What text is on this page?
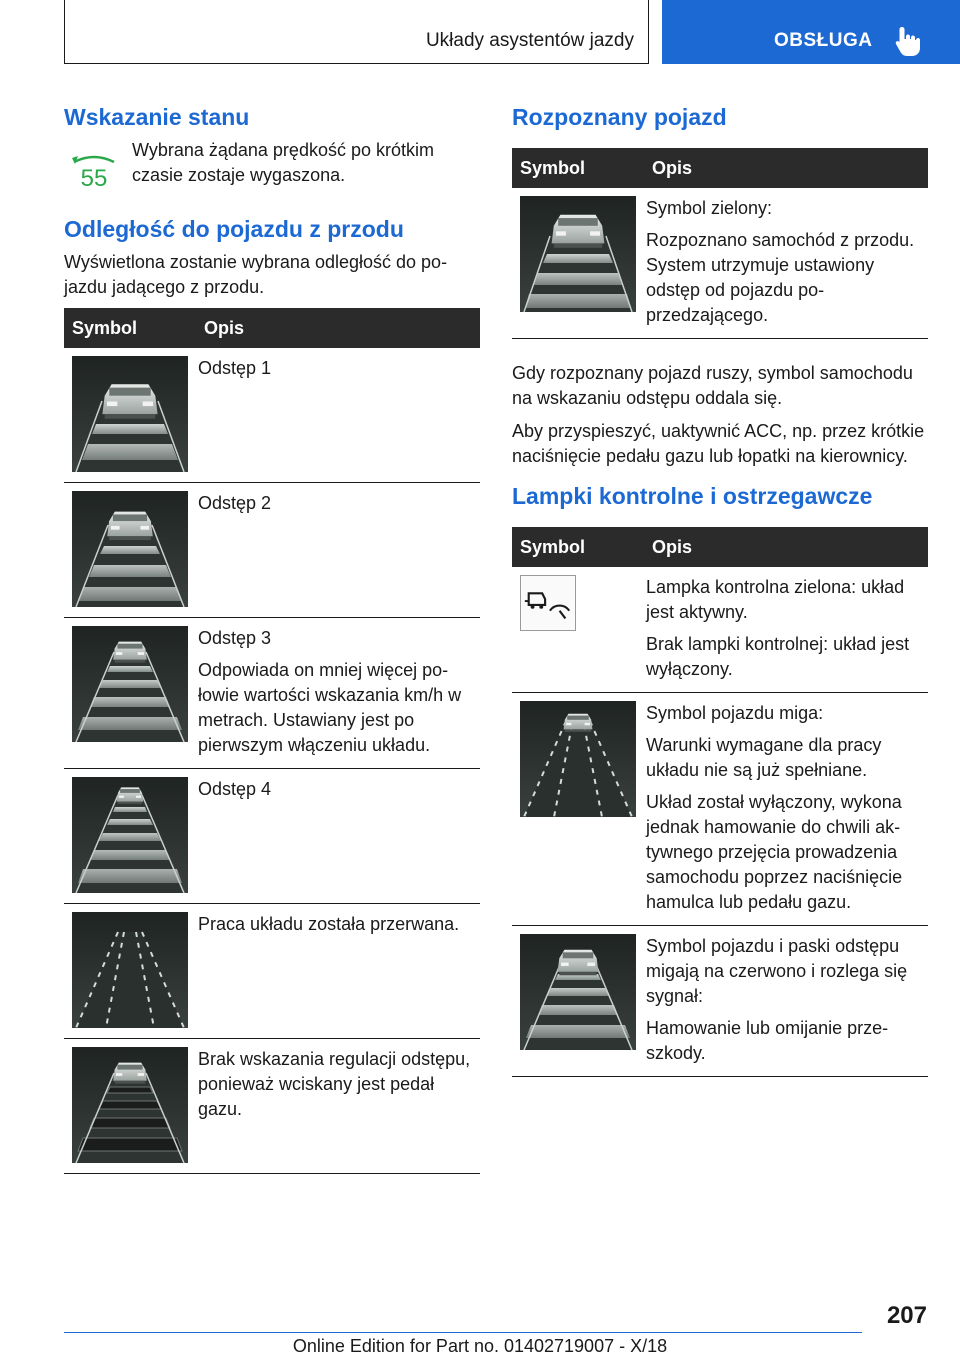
Układy asystentów jazdy	OBSŁUGA
Wskazanie stanu
55
Wybrana żądana prędkość po krótkim czasie zostaje wygaszona.
Odległość do pojazdu z przodu

Wyświetlona zostanie wybrana odległość do pojazdu jadącego z przodu.

Symbol	Opis

Odstęp 1

Odstęp 2

Odstęp 3
Odpowiada on mniej więcej połowie wartości wskazania km/h w metrach. Ustawiany jest po pierwszym włączeniu układu.

Odstęp 4

Praca układu została przerwana.

Brak wskazania regulacji odstępu, ponieważ wciskany jest pedał gazu.
Rozpoznany pojazd
Symbol	Opis

Symbol zielony:
Rozpoznano samochód z przodu. System utrzymuje ustawiony odstęp od pojazdu poprzedzającego.

Gdy rozpoznany pojazd ruszy, symbol samochodu na wskazaniu odstępu oddala się.

Aby przyspieszyć, uaktywnić ACC, np. przez krótkie naciśnięcie pedału gazu lub łopatki na kierownicy.

Lampki kontrolne i ostrzegawcze
Symbol	Opis

Lampka kontrolna zielona: układ jest aktywny.
Brak lampki kontrolnej: układ jest wyłączony.

Symbol pojazdu miga:
Warunki wymagane dla pracy układu nie są już spełniane.
Układ został wyłączony, wykona jednak hamowanie do chwili aktywnego przejęcia prowadzenia samochodu poprzez naciśnięcie hamulca lub pedału gazu.

Symbol pojazdu i paski odstępu migają na czerwono i rozlega się sygnał:
Hamowanie lub omijanie przeszkody.
207
Online Edition for Part no. 01402719007 - X/18
